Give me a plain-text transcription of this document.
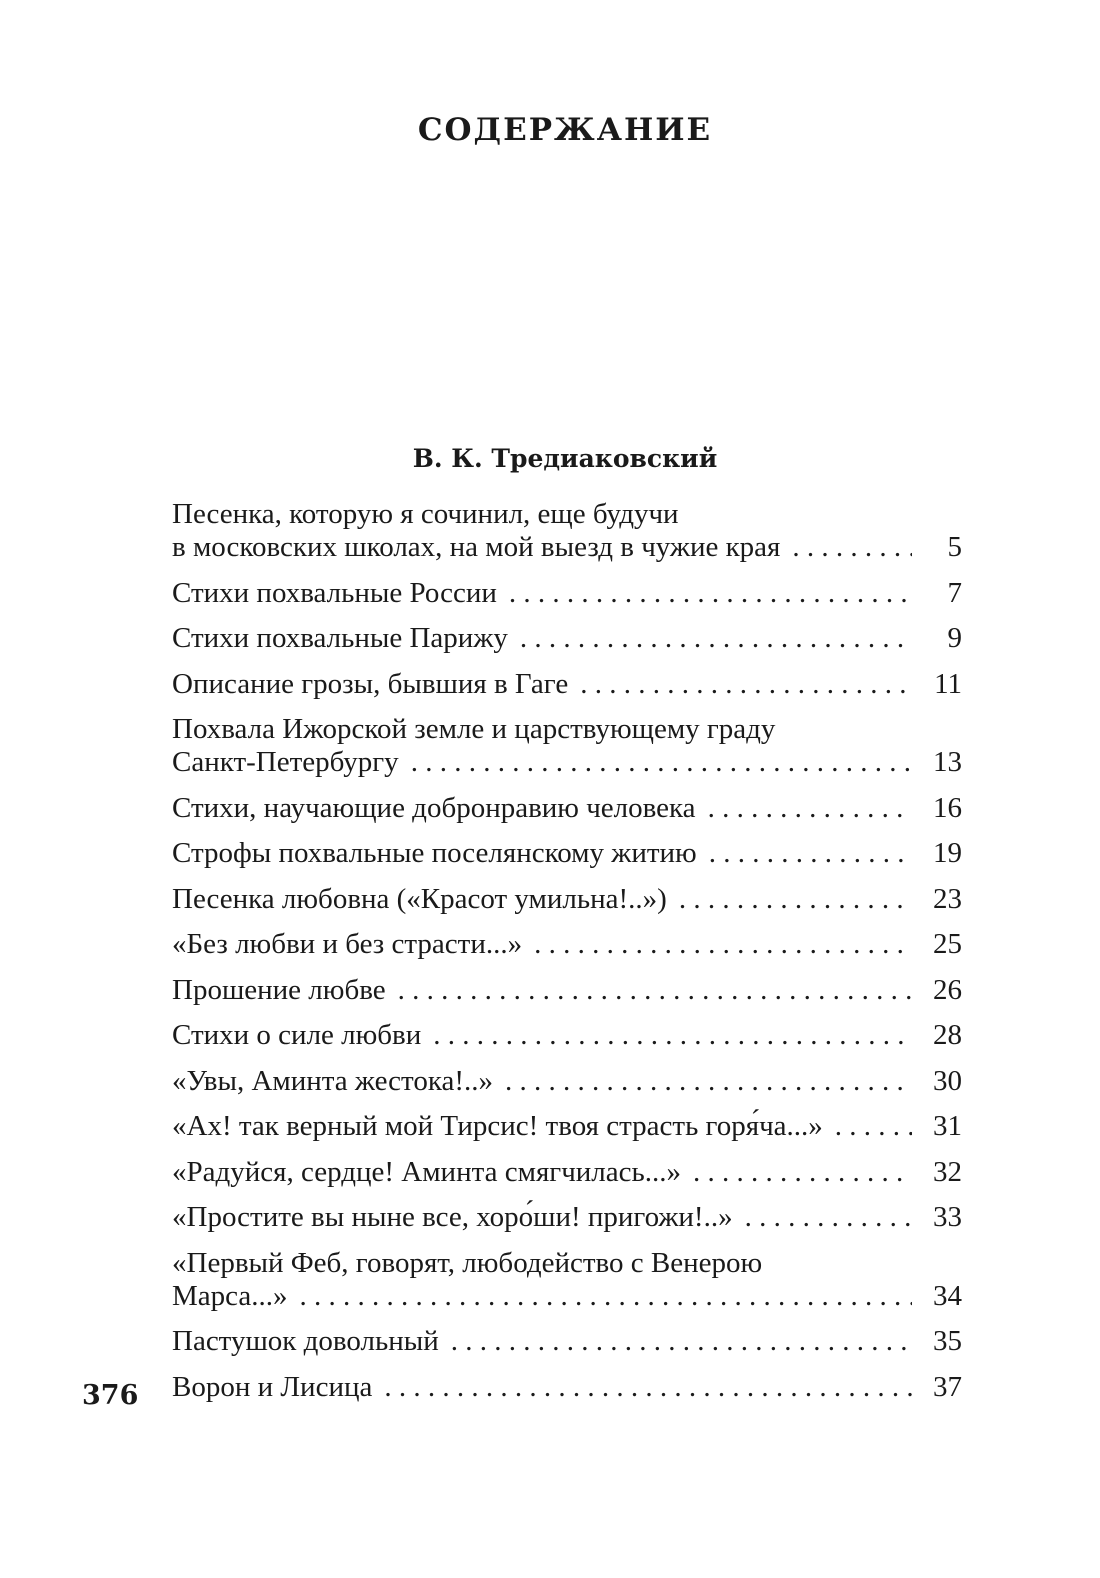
СОДЕРЖАНИЕ
В. К. Тредиаковский
Песенка, которую я сочинил, еще будучи
в московских школах, на мой выезд в чужие края . . .	5
Стихи похвальные России . . .	7
Стихи похвальные Парижу . . .	9
Описание грозы, бывшия в Гаге . . .	11
Похвала Ижорской земле и царствующему граду
Санкт-Петербургу . . .	13
Стихи, научающие добронравию человека . . .	16
Строфы похвальные поселянскому житию . . .	19
Песенка любовна («Красот умильна!..») . . .	23
«Без любви и без страсти...» . . .	25
Прошение любве . . .	26
Стихи о силе любви . . .	28
«Увы, Аминта жестока!..» . . .	30
«Ах! так верный мой Тирсис! твоя страсть горя́ча...» . . .	31
«Радуйся, сердце! Аминта смягчилась...» . . .	32
«Простите вы ныне все, хоро́ши! пригожи!..» . . .	33
«Первый Феб, говорят, любодейство с Венерою
Марса...» . . .	34
Пастушок довольный . . .	35
Ворон и Лисица . . .	37
376
